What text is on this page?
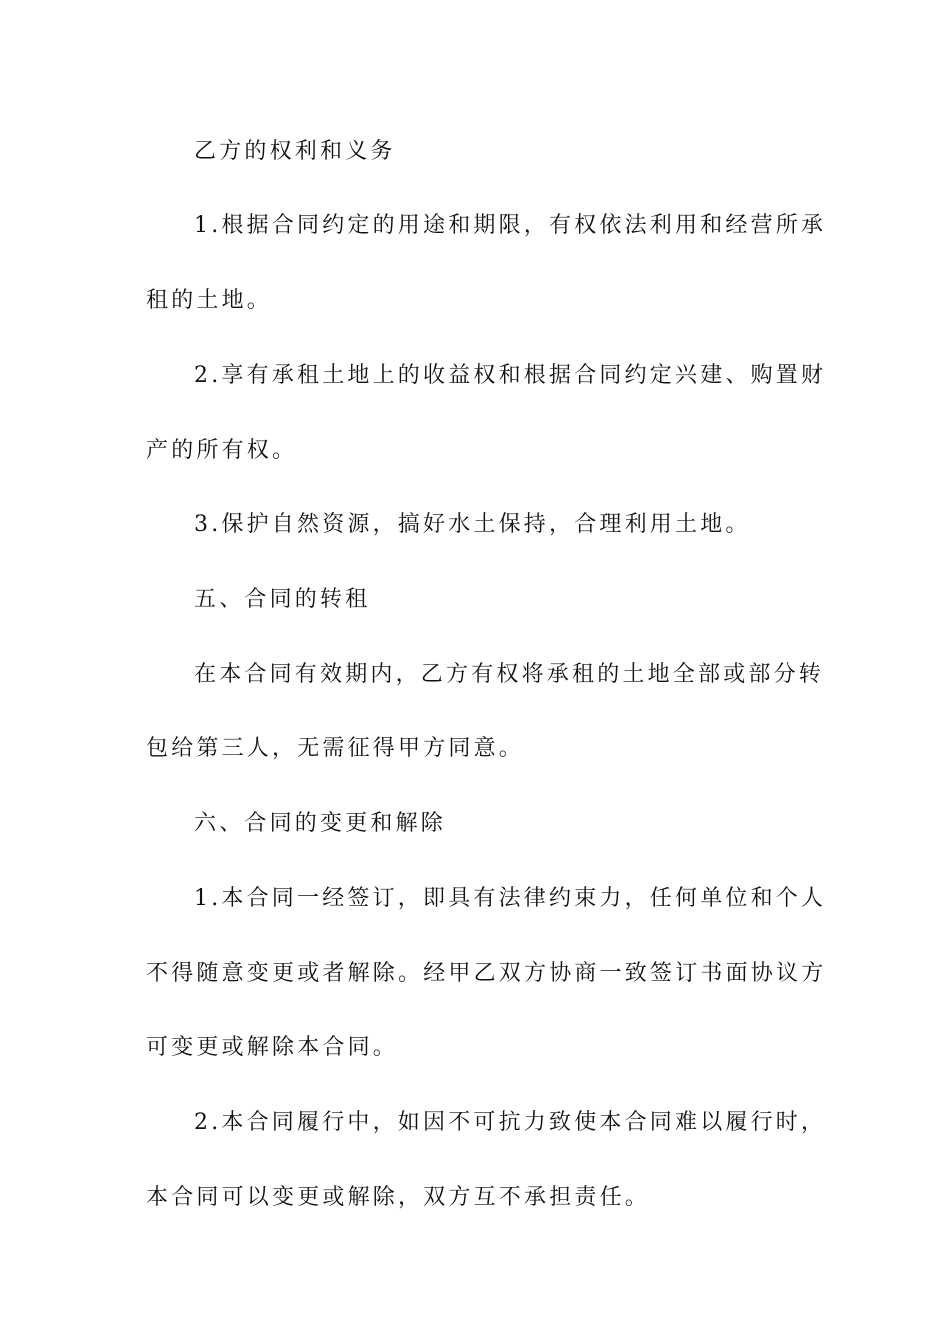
乙方的权利和义务

1.根据合同约定的用途和期限，有权依法利用和经营所承

租的土地。

2.享有承租土地上的收益权和根据合同约定兴建、购置财

产的所有权。

3.保护自然资源，搞好水土保持，合理利用土地。

五、合同的转租

在本合同有效期内，乙方有权将承租的土地全部或部分转

包给第三人，无需征得甲方同意。

六、合同的变更和解除

1.本合同一经签订，即具有法律约束力，任何单位和个人

不得随意变更或者解除。经甲乙双方协商一致签订书面协议方

可变更或解除本合同。

2.本合同履行中，如因不可抗力致使本合同难以履行时，

本合同可以变更或解除，双方互不承担责任。
